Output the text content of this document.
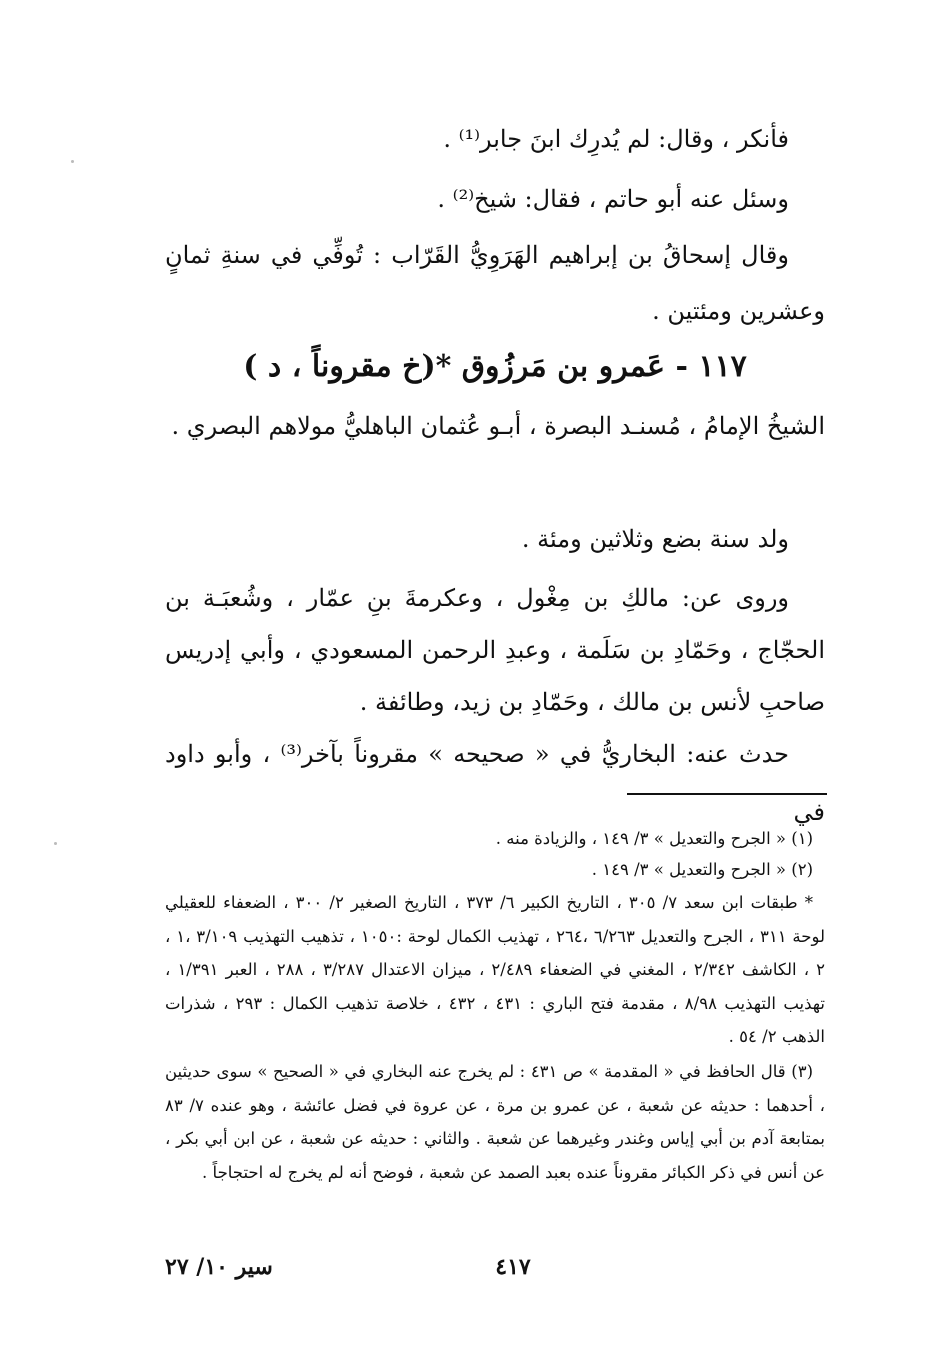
فأنكر ، وقال: لم يُدرِك ابنَ جابر⁽¹⁾ .
وسئل عنه أبو حاتم ، فقال: شيخ⁽²⁾ .
وقال إسحاقُ بن إبراهيم الهَرَوِيُّ القَرّاب : تُوفِّي في سنةِ ثمانٍ وعشرين ومئتين .
١١٧ - عَمرو بن مَرزُوق *(خ مقروناً ، د )
الشيخُ الإمامُ ، مُسنـد البصرة ، أبـو عُثمان الباهليُّ مولاهم البصري .
ولد سنة بضع وثلاثين ومئة .
وروى عن: مالكِ بن مِغْول ، وعكرمةَ بنِ عمّار ، وشُعبَـة بن الحجّاج ، وحَمّادِ بن سَلَمة ، وعبدِ الرحمن المسعودي ، وأبي إدريس صاحبِ لأنس بن مالك ، وحَمّادِ بن زيد، وطائفة .
حدث عنه: البخاريُّ في « صحيحه » مقروناً بآخر⁽³⁾ ، وأبو داود في
(١) « الجرح والتعديل » ٣/ ١٤٩ ، والزيادة منه .
(٢) « الجرح والتعديل » ٣/ ١٤٩ .
* طبقات ابن سعد ٧/ ٣٠٥ ، التاريخ الكبير ٦/ ٣٧٣ ، التاريخ الصغير ٢/ ٣٠٠ ، الضعفاء للعقيلي لوحة ٣١١ ، الجرح والتعديل ٦/٢٦٣ ،٢٦٤ ، تهذيب الكمال لوحة :١٠٥٠ ، تذهيب التهذيب ٣/١٠٩ ،١ ، ٢ ، الكاشف ٢/٣٤٢ ، المغني في الضعفاء ٢/٤٨٩ ، ميزان الاعتدال ٣/٢٨٧ ، ٢٨٨ ، العبر ١/٣٩١ ، تهذيب التهذيب ٨/٩٨ ، مقدمة فتح الباري : ٤٣١ ، ٤٣٢ ، خلاصة تذهيب الكمال : ٢٩٣ ، شذرات الذهب ٢/ ٥٤ .
(٣) قال الحافظ في « المقدمة » ص ٤٣١ : لم يخرج عنه البخاري في « الصحيح » سوى حديثين ، أحدهما : حديثه عن شعبة ، عن عمرو بن مرة ، عن عروة في فضل عائشة ، وهو عنده ٧/ ٨٣ بمتابعة آدم بن أبي إياس وغندر وغيرهما عن شعبة . والثاني : حديثه عن شعبة ، عن ابن أبي بكر ، عن أنس في ذكر الكبائر مقروناً عنده بعبد الصمد عن شعبة ، فوضح أنه لم يخرج له احتجاجاً .
٤١٧
سير ١٠/ ٢٧
